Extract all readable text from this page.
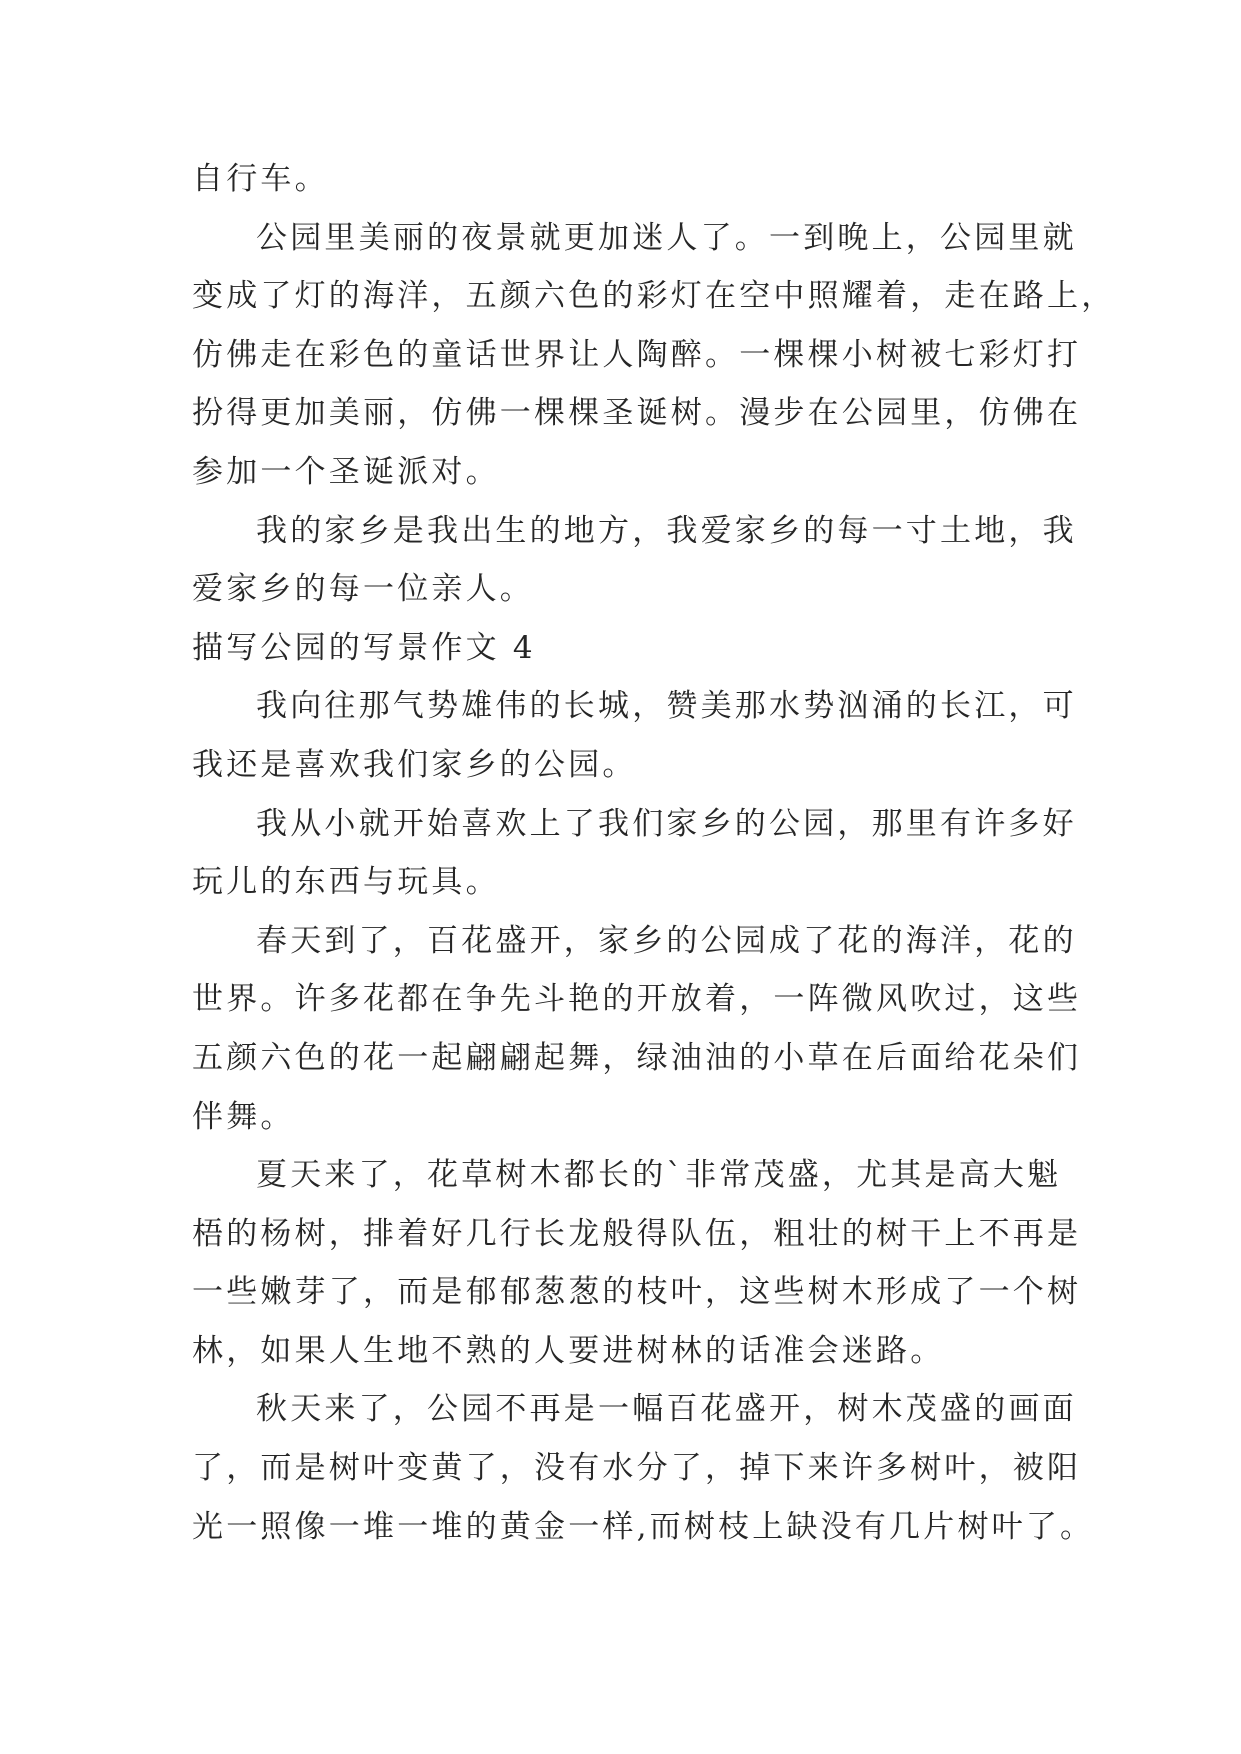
自行车。
公园里美丽的夜景就更加迷人了。一到晚上，公园里就
变成了灯的海洋，五颜六色的彩灯在空中照耀着，走在路上，
仿佛走在彩色的童话世界让人陶醉。一棵棵小树被七彩灯打
扮得更加美丽，仿佛一棵棵圣诞树。漫步在公园里，仿佛在
参加一个圣诞派对。
我的家乡是我出生的地方，我爱家乡的每一寸土地，我
爱家乡的每一位亲人。
描写公园的写景作文 4
我向往那气势雄伟的长城，赞美那水势汹涌的长江，可
我还是喜欢我们家乡的公园。
我从小就开始喜欢上了我们家乡的公园，那里有许多好
玩儿的东西与玩具。
春天到了，百花盛开，家乡的公园成了花的海洋，花的
世界。许多花都在争先斗艳的开放着，一阵微风吹过，这些
五颜六色的花一起翩翩起舞，绿油油的小草在后面给花朵们
伴舞。
夏天来了，花草树木都长的`非常茂盛，尤其是高大魁
梧的杨树，排着好几行长龙般得队伍，粗壮的树干上不再是
一些嫩芽了，而是郁郁葱葱的枝叶，这些树木形成了一个树
林，如果人生地不熟的人要进树林的话准会迷路。
秋天来了，公园不再是一幅百花盛开，树木茂盛的画面
了，而是树叶变黄了，没有水分了，掉下来许多树叶，被阳
光一照像一堆一堆的黄金一样,而树枝上缺没有几片树叶了。
